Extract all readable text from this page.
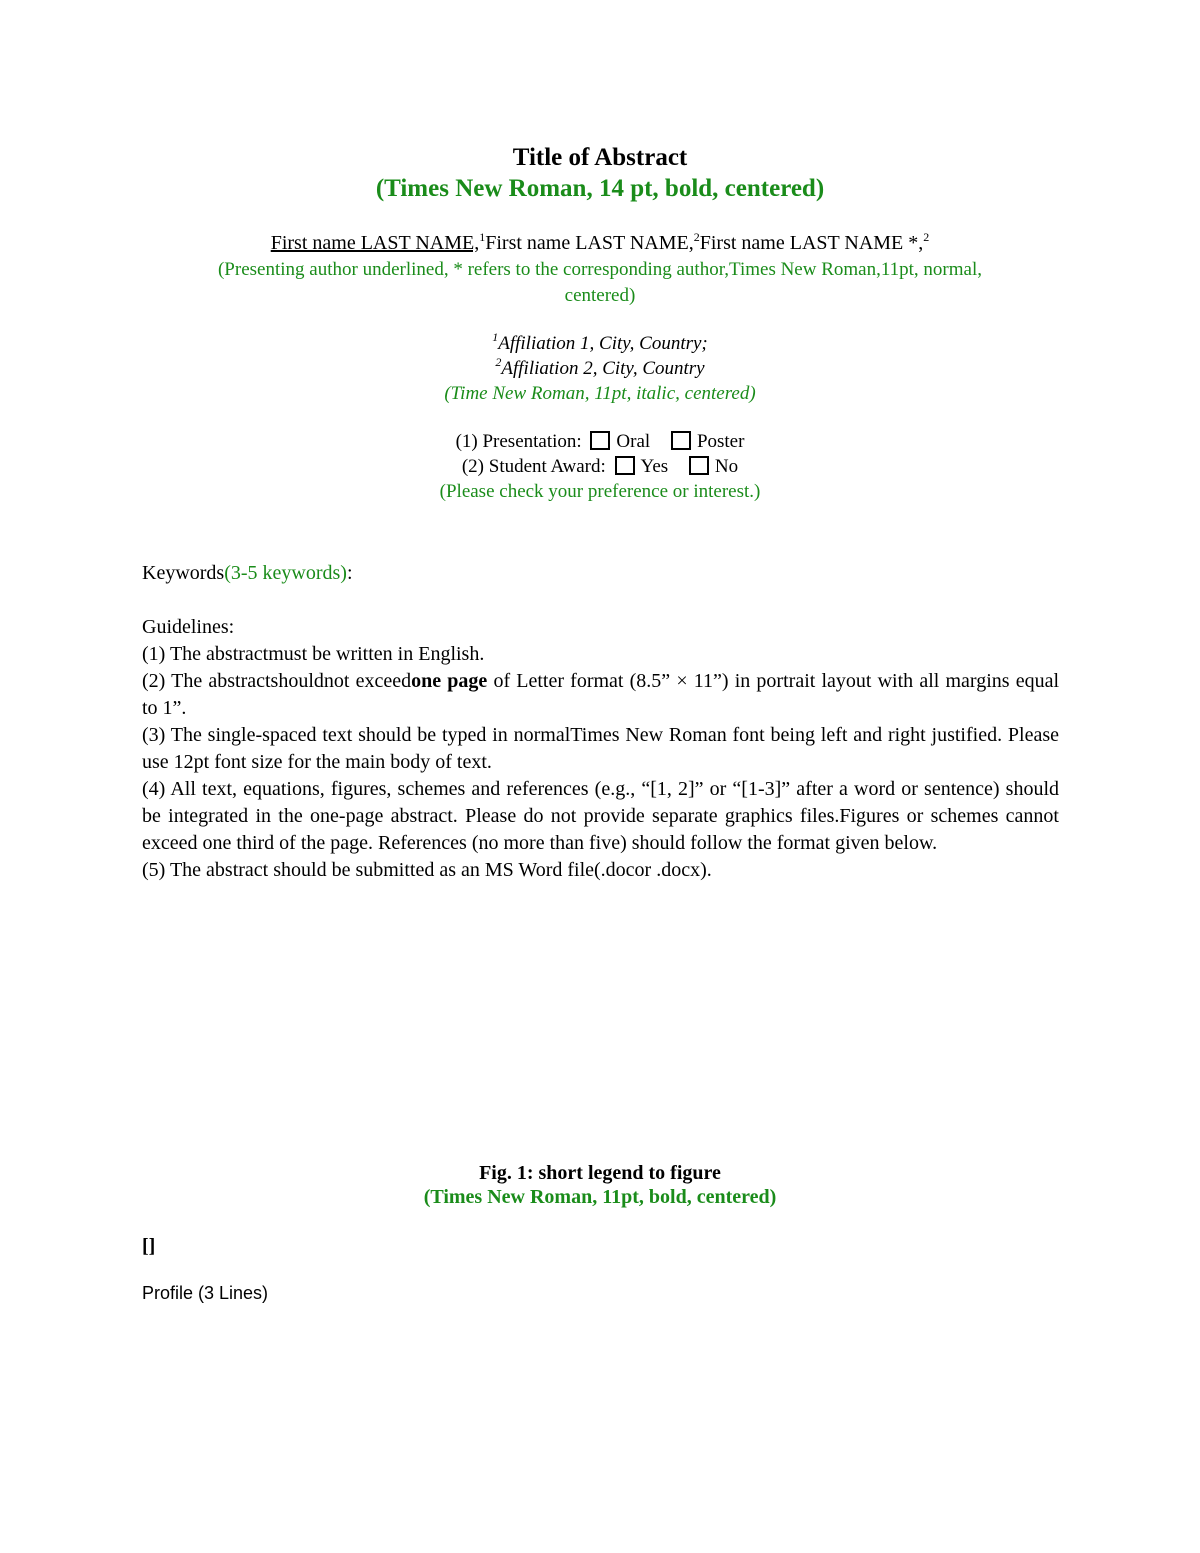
Title of Abstract
(Times New Roman, 14 pt, bold, centered)
First name LAST NAME,$^1$First name LAST NAME,$^2$First name LAST NAME *,$^2$
(Presenting author underlined, * refers to the corresponding author,Times New Roman,11pt, normal,
centered)
$^1$Affiliation 1, City, Country;
$^2$Affiliation 2, City, Country
(Time New Roman, 11pt, italic, centered)
(1) Presentation: Oral Poster
(2) Student Award: Yes No
(Please check your preference or interest.)
Keywords(3-5 keywords):
Guidelines:
(1) The abstractmust be written in English.
(2) The abstractshouldnot exceedone page of Letter format (8.5” × 11”) in portrait layout with all margins equal to 1”.
(3) The single-spaced text should be typed in normalTimes New Roman font being left and right justified. Please use 12pt font size for the main body of text.
(4) All text, equations, figures, schemes and references (e.g., “[1, 2]” or “[1-3]” after a word or sentence) should be integrated in the one-page abstract. Please do not provide separate graphics files.Figures or schemes cannot exceed one third of the page. References (no more than five) should follow the format given below.
(5) The abstract should be submitted as an MS Word file(.docor .docx).
Fig. 1: short legend to figure
(Times New Roman, 11pt, bold, centered)
[]
Profile (3 Lines)
